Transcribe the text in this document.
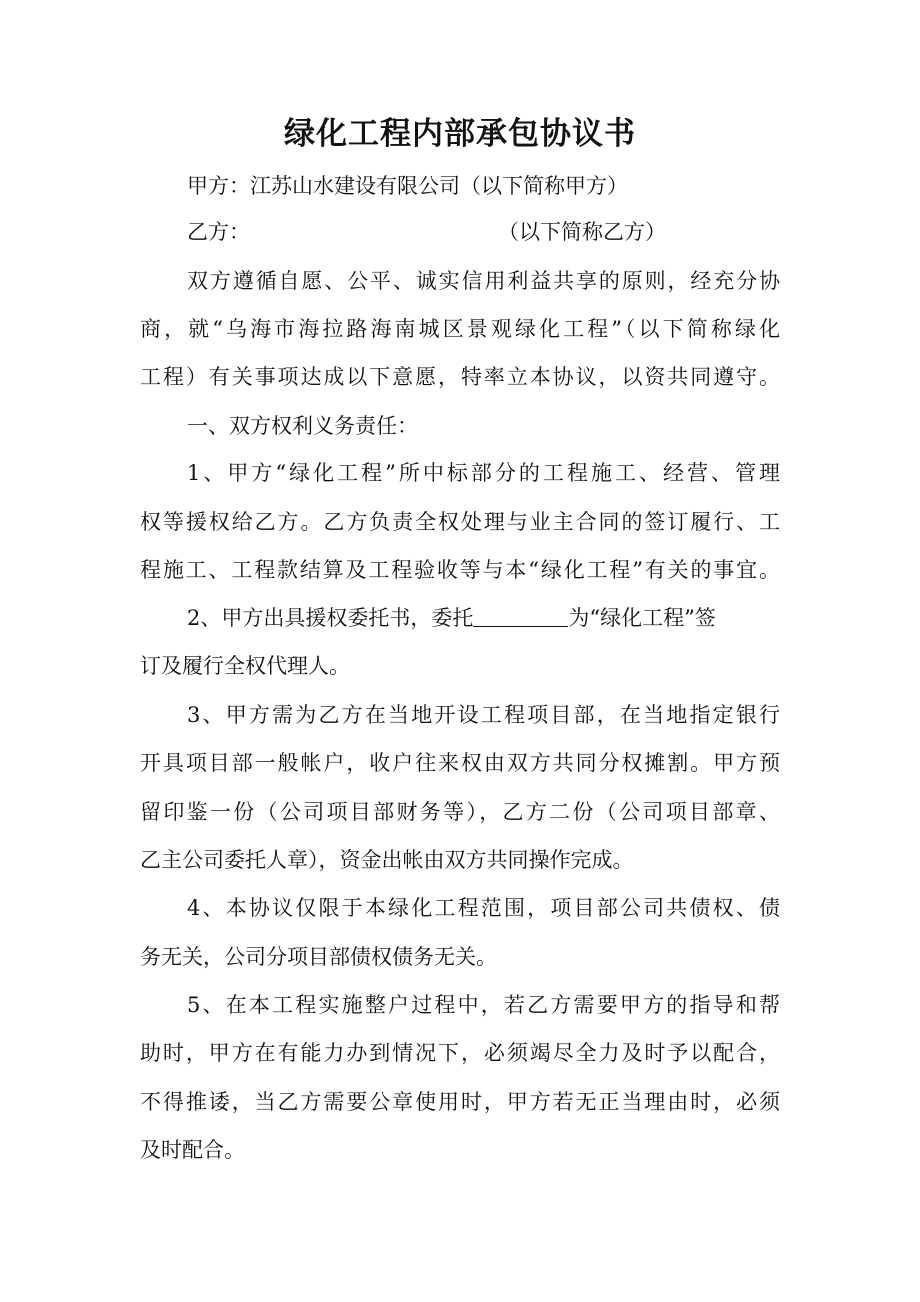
绿化工程内部承包协议书
甲方：江苏山水建设有限公司（以下简称甲方）
乙方：	（以下简称乙方）
双方遵循自愿、公平、诚实信用利益共享的原则，经充分协
商，就“乌海市海拉路海南城区景观绿化工程”（以下简称绿化
工程）有关事项达成以下意愿，特率立本协议，以资共同遵守。
一、双方权利义务责任：
1、甲方“绿化工程”所中标部分的工程施工、经营、管理
权等援权给乙方。乙方负责全权处理与业主合同的签订履行、工
程施工、工程款结算及工程验收等与本“绿化工程”有关的事宜。
2、甲方出具援权委托书，委托	为“绿化工程”签
订及履行全权代理人。
3、甲方需为乙方在当地开设工程项目部，在当地指定银行
开具项目部一般帐户，收户往来权由双方共同分权摊割。甲方预
留印鉴一份（公司项目部财务等），乙方二份（公司项目部章、
乙主公司委托人章），资金出帐由双方共同操作完成。
4、本协议仅限于本绿化工程范围，项目部公司共债权、债
务无关，公司分项目部债权债务无关。
5、在本工程实施整户过程中，若乙方需要甲方的指导和帮
助时，甲方在有能力办到情况下，必须竭尽全力及时予以配合，
不得推诿，当乙方需要公章使用时，甲方若无正当理由时，必须
及时配合。
